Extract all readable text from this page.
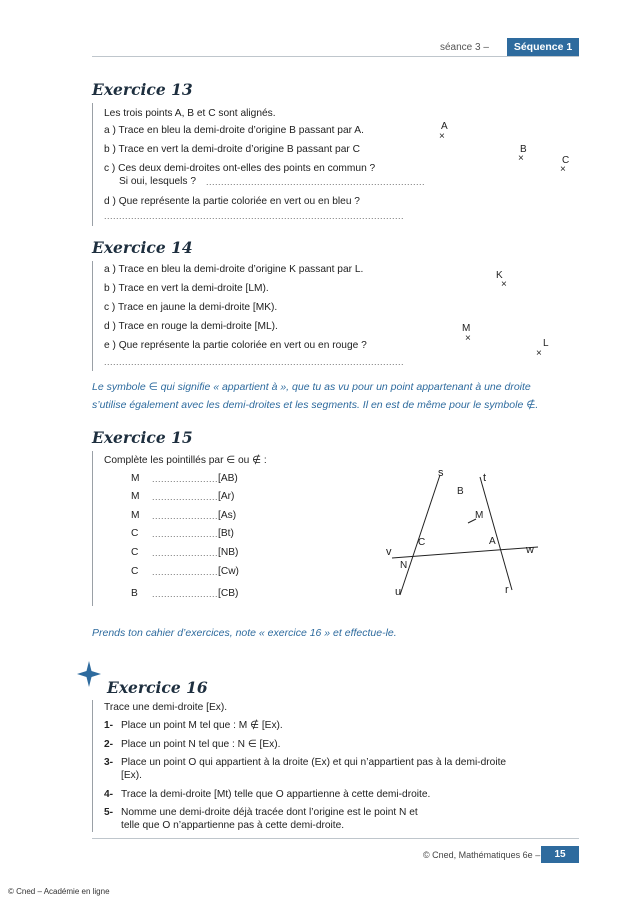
séance 3 –	Séquence 1
Exercice 13
Les trois points A, B et C sont alignés.
a ) Trace en bleu la demi-droite d’origine B passant par A.
b ) Trace en vert la demi-droite d’origine B passant par C
c ) Ces deux demi-droites ont-elles des points en commun ?
Si oui, lesquels ? .........................................................................
d ) Que représente la partie coloriée en vert ou en bleu ?
....................................................................................................
A
×
B
×	C
×
Exercice 14
a ) Trace en bleu la demi-droite d’origine K passant par L.
b ) Trace en vert la demi-droite [LM).
c ) Trace en jaune la demi-droite [MK).
d ) Trace en rouge la demi-droite [ML).
e ) Que représente la partie coloriée en vert ou en rouge ?
....................................................................................................
K
×
M
×	L
×
Le symbole ∈ qui signifie « appartient à », que tu as vu pour un point appartenant à une droite
s’utilise également avec les demi-droites et les segments. Il en est de même pour le symbole ∉.
Exercice 15
Complète les pointillés par ∈ ou ∉ :
M ...................... [AB)
M ...................... [Ar)
M ...................... [As)
C ...................... [Bt)
C ...................... [NB)
C ...................... [Cw)
B ...................... [CB)
s	t
B
M
C	A
v	w
N
u	r
Prends ton cahier d’exercices, note « exercice 16 » et effectue-le.
Exercice 16
Trace une demi-droite [Ex).
1- Place un point M tel que : M ∉ [Ex).
2- Place un point N tel que : N ∈ [Ex).
3- Place un point O qui appartient à la droite (Ex) et qui n’appartient pas à la demi-droite
[Ex).
4- Trace la demi-droite [Mt) telle que O appartienne à cette demi-droite.
5- Nomme une demi-droite déjà tracée dont l’origine est le point N et
telle que O n’appartienne pas à cette demi-droite.
© Cned, Mathématiques 6e –	15
© Cned – Académie en ligne
